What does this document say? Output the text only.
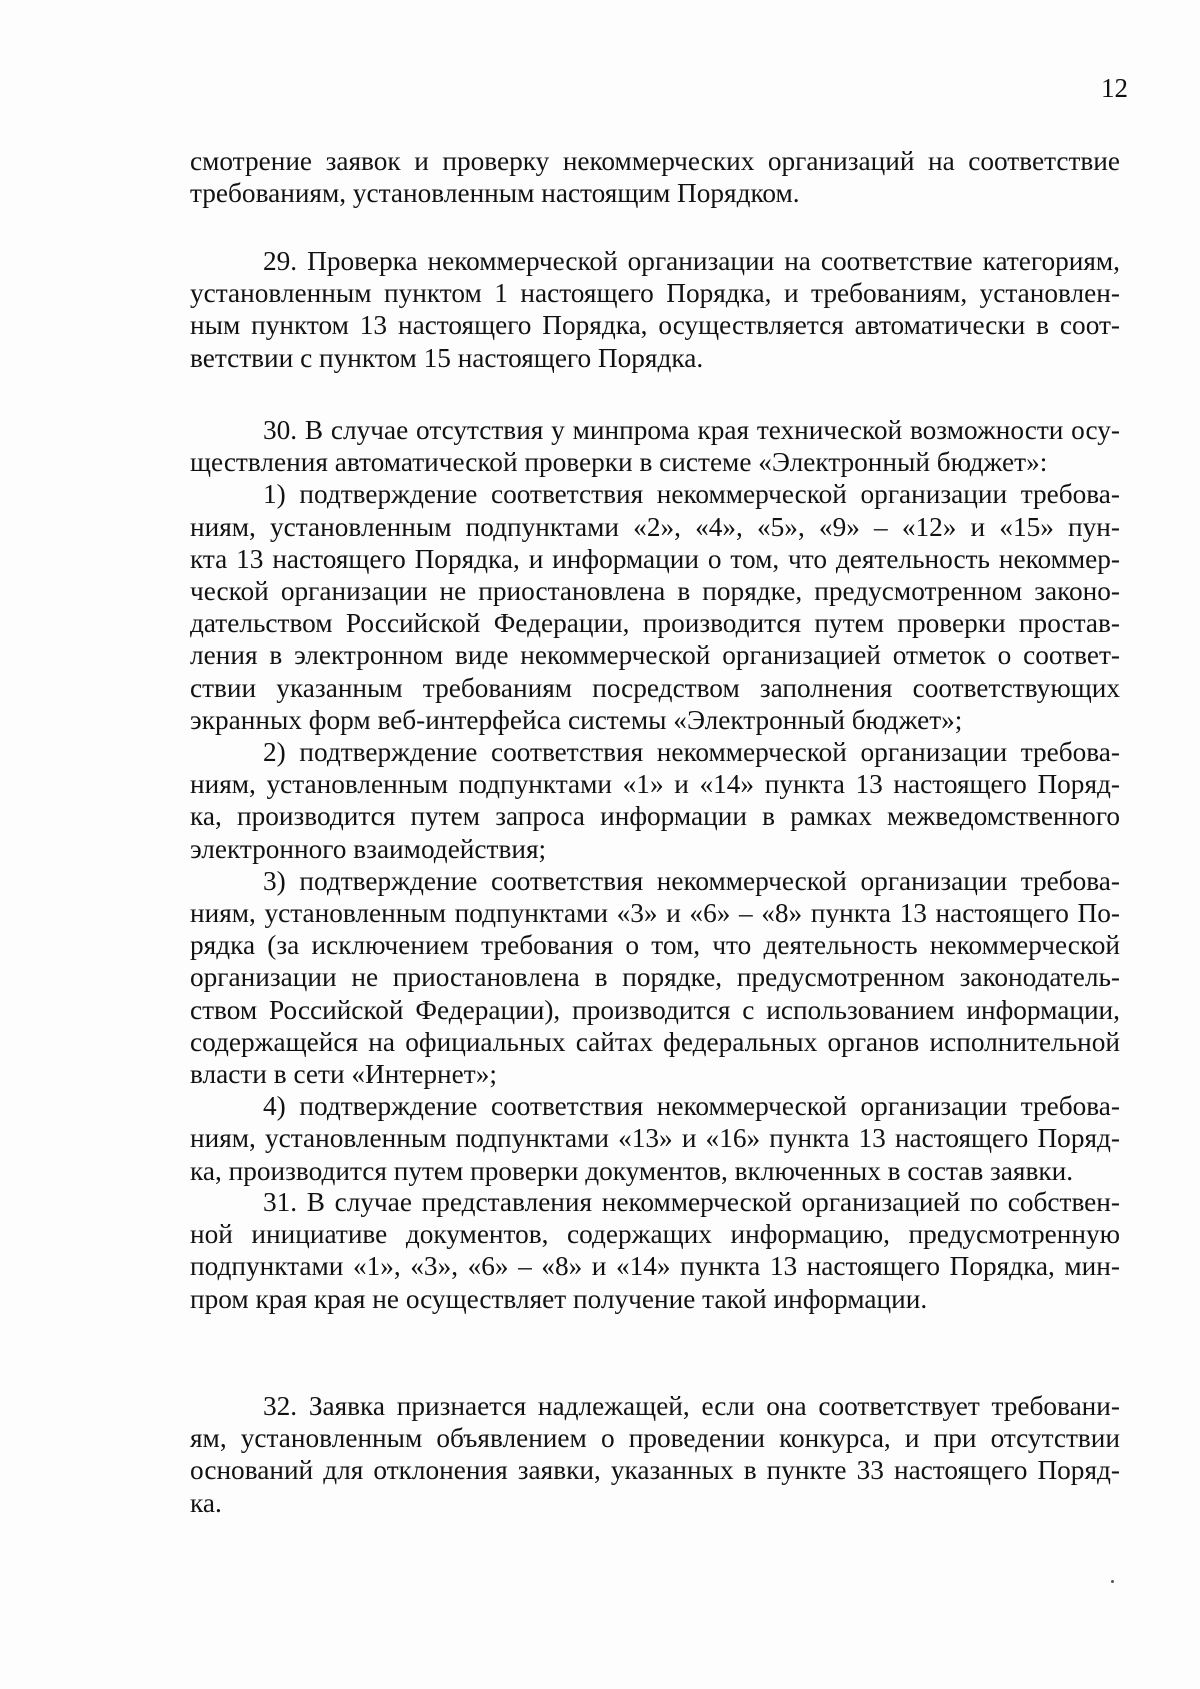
12

смотрение заявок и проверку некоммерческих организаций на соответствие
требованиям, установленным настоящим Порядком.

29. Проверка некоммерческой организации на соответствие категориям,
установленным пунктом 1 настоящего Порядка, и требованиям, установлен-
ным пунктом 13 настоящего Порядка, осуществляется автоматически в соот-
ветствии с пунктом 15 настоящего Порядка.

30. В случае отсутствия у минпрома края технической возможности осу-
ществления автоматической проверки в системе «Электронный бюджет»:

1) подтверждение соответствия некоммерческой организации требова-
ниям, установленным подпунктами «2», «4», «5», «9» – «12» и «15» пун-
кта 13 настоящего Порядка, и информации о том, что деятельность некоммер-
ческой организации не приостановлена в порядке, предусмотренном законо-
дательством Российской Федерации, производится путем проверки простав-
ления в электронном виде некоммерческой организацией отметок о соответ-
ствии указанным требованиям посредством заполнения соответствующих
экранных форм веб-интерфейса системы «Электронный бюджет»;

2) подтверждение соответствия некоммерческой организации требова-
ниям, установленным подпунктами «1» и «14» пункта 13 настоящего Поряд-
ка, производится путем запроса информации в рамках межведомственного
электронного взаимодействия;

3) подтверждение соответствия некоммерческой организации требова-
ниям, установленным подпунктами «3» и «6» – «8» пункта 13 настоящего По-
рядка (за исключением требования о том, что деятельность некоммерческой
организации не приостановлена в порядке, предусмотренном законодатель-
ством Российской Федерации), производится с использованием информации,
содержащейся на официальных сайтах федеральных органов исполнительной
власти в сети «Интернет»;

4) подтверждение соответствия некоммерческой организации требова-
ниям, установленным подпунктами «13» и «16» пункта 13 настоящего Поряд-
ка, производится путем проверки документов, включенных в состав заявки.

31. В случае представления некоммерческой организацией по собствен-
ной инициативе документов, содержащих информацию, предусмотренную
подпунктами «1», «3», «6» – «8» и «14» пункта 13 настоящего Порядка, мин-
пром края края не осуществляет получение такой информации.

32. Заявка признается надлежащей, если она соответствует требовани-
ям, установленным объявлением о проведении конкурса, и при отсутствии
оснований для отклонения заявки, указанных в пункте 33 настоящего Поряд-
ка.
